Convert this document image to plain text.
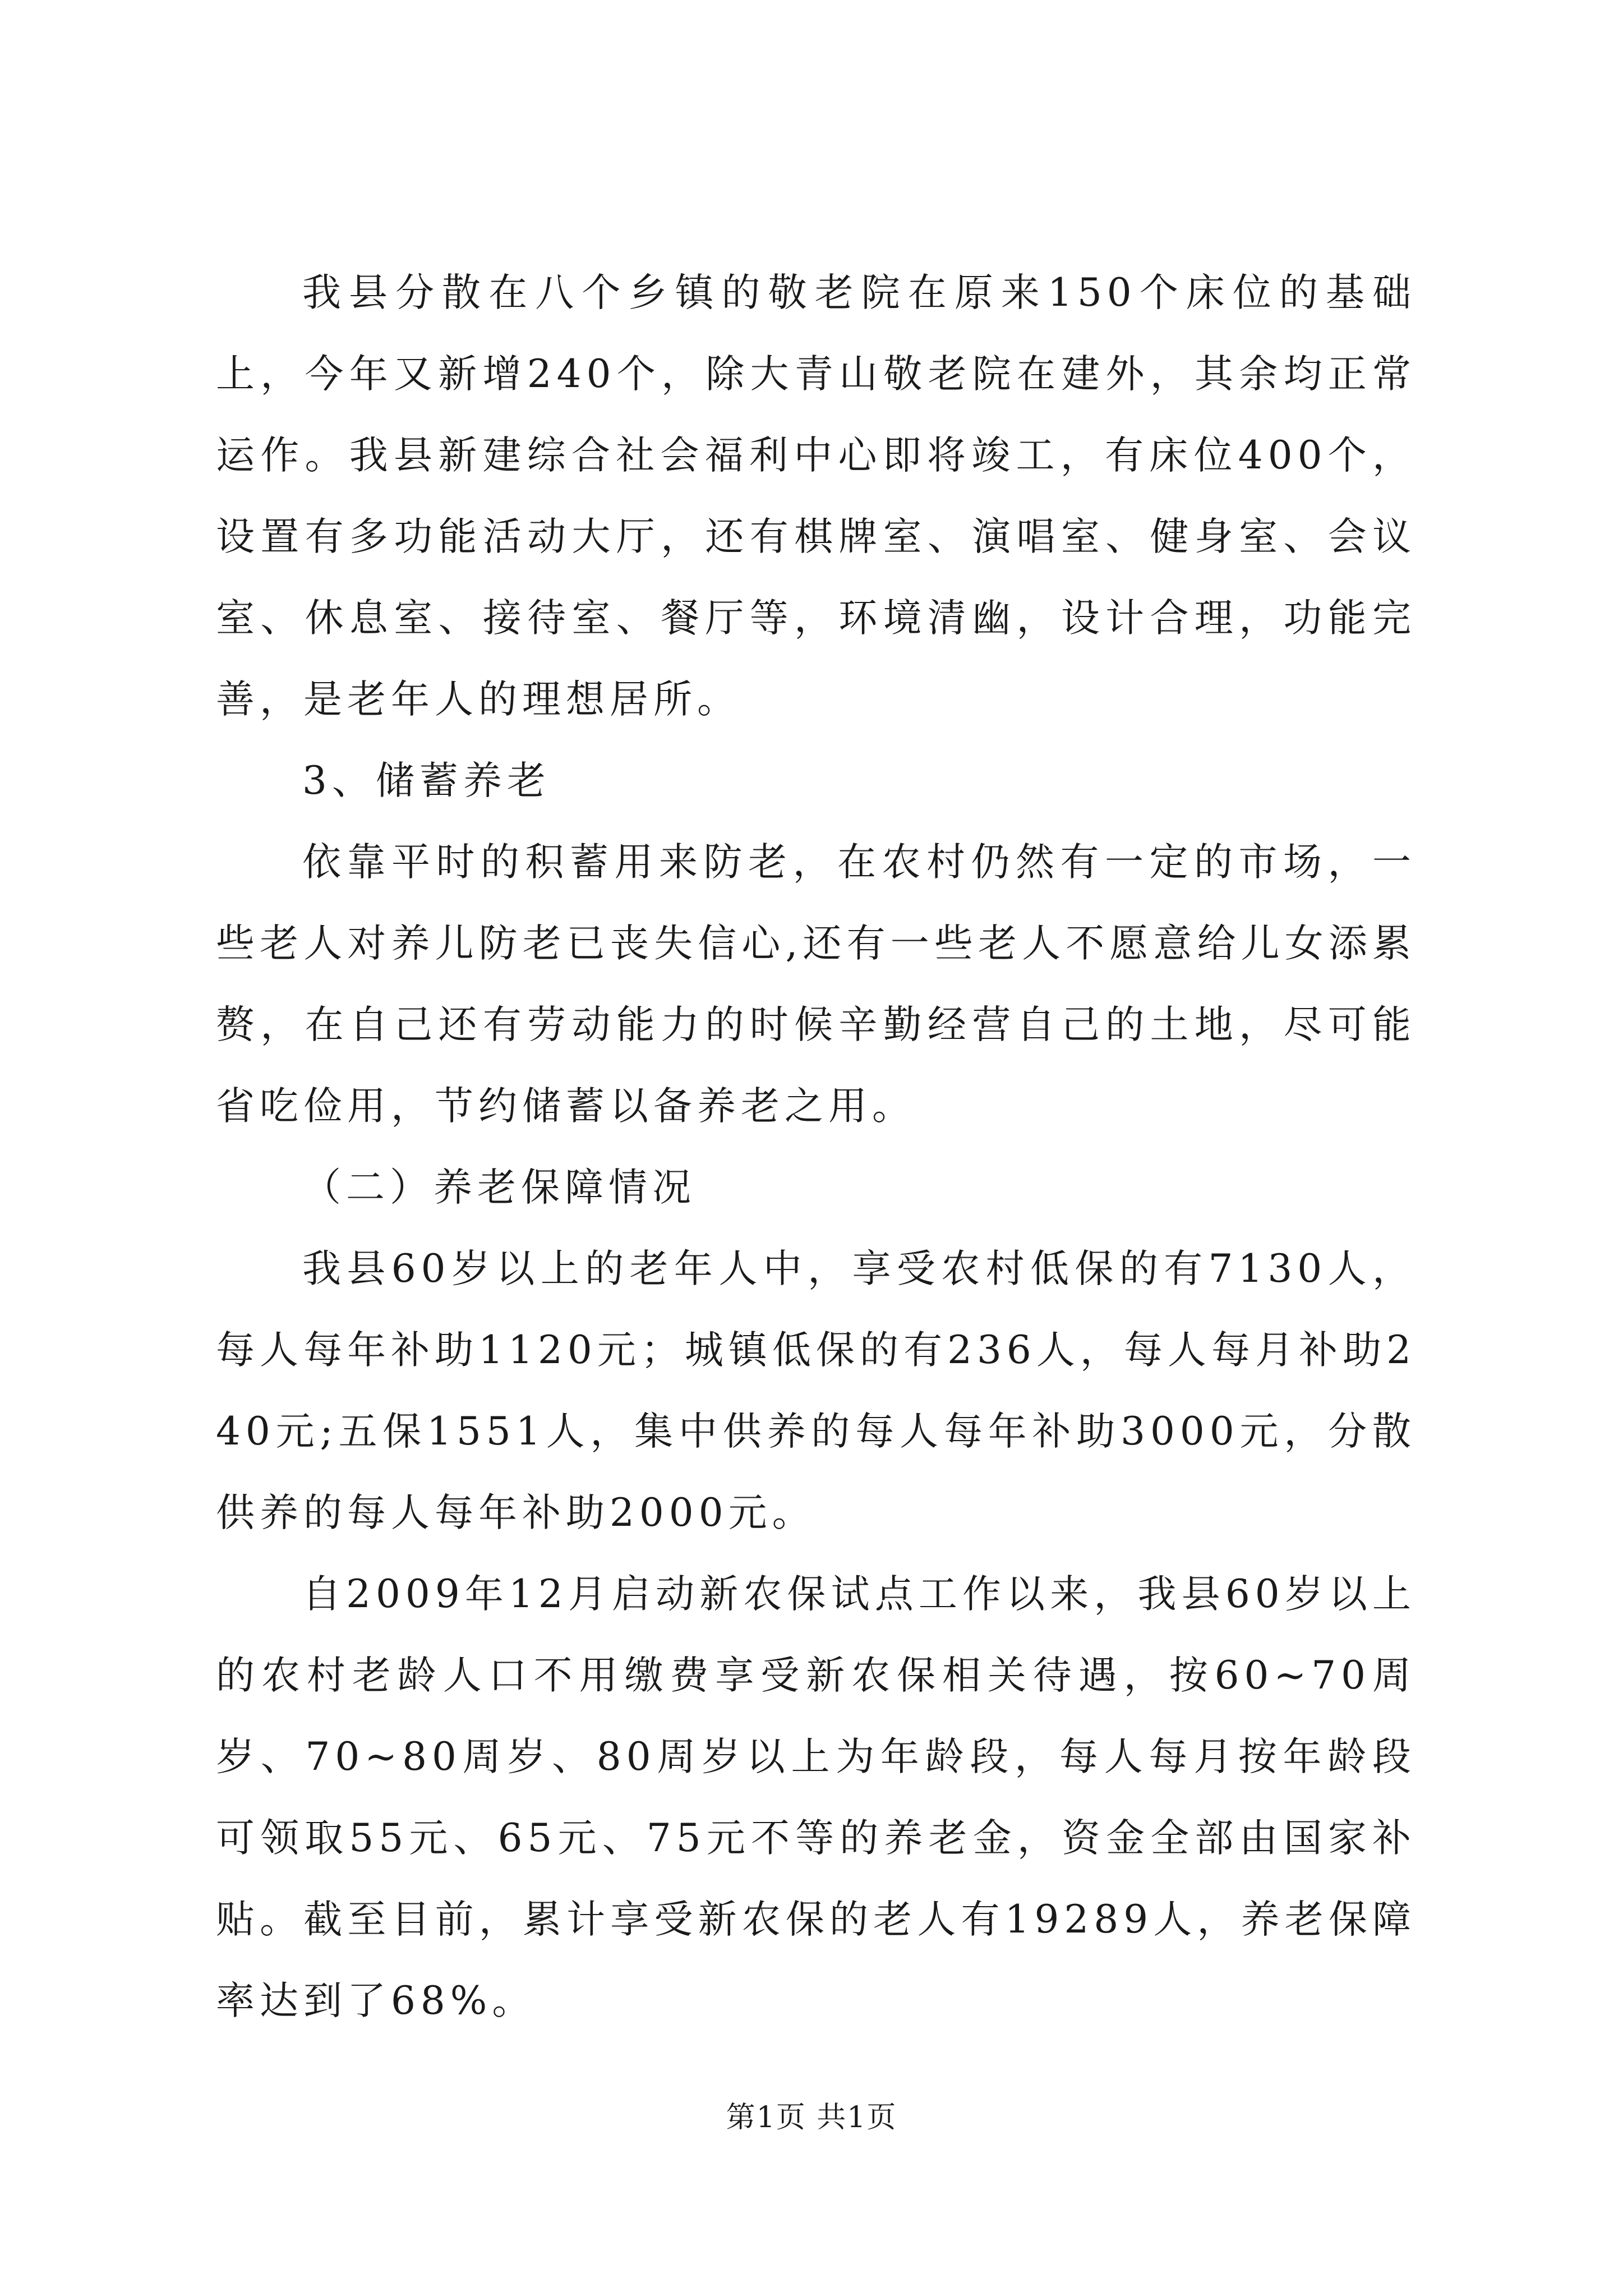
我县分散在八个乡镇的敬老院在原来150个床位的基础上，今年又新增240个，除大青山敬老院在建外，其余均正常运作。我县新建综合社会福利中心即将竣工，有床位400个，设置有多功能活动大厅，还有棋牌室、演唱室、健身室、会议室、休息室、接待室、餐厅等，环境清幽，设计合理，功能完善，是老年人的理想居所。

3、储蓄养老

依靠平时的积蓄用来防老，在农村仍然有一定的市场，一些老人对养儿防老已丧失信心,还有一些老人不愿意给儿女添累赘，在自己还有劳动能力的时候辛勤经营自己的土地，尽可能省吃俭用，节约储蓄以备养老之用。

（二）养老保障情况

我县60岁以上的老年人中，享受农村低保的有7130人，每人每年补助1120元；城镇低保的有236人，每人每月补助240元;五保1551人，集中供养的每人每年补助3000元，分散供养的每人每年补助2000元。

自2009年12月启动新农保试点工作以来，我县60岁以上的农村老龄人口不用缴费享受新农保相关待遇，按60~70周岁、70~80周岁、80周岁以上为年龄段，每人每月按年龄段可领取55元、65元、75元不等的养老金，资金全部由国家补贴。截至目前，累计享受新农保的老人有19289人，养老保障率达到了68%。

第1页 共1页
